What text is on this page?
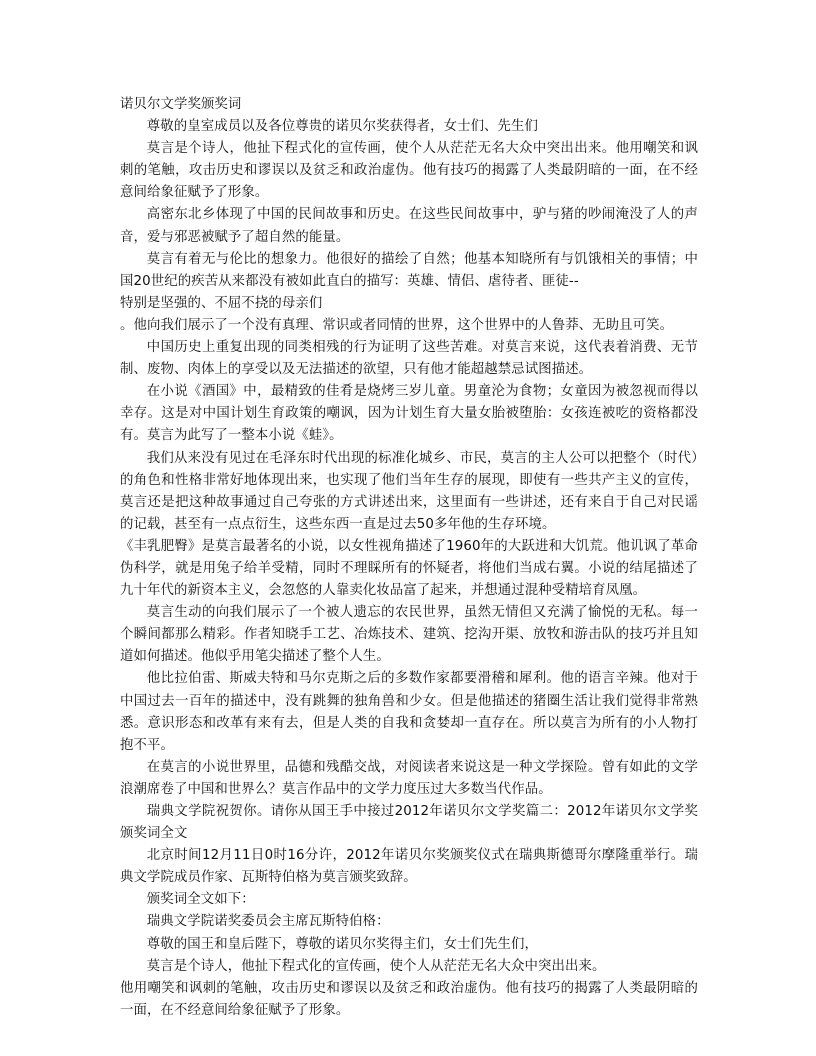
诺贝尔文学奖颁奖词
尊敬的皇室成员以及各位尊贵的诺贝尔奖获得者，女士们、先生们
莫言是个诗人，他扯下程式化的宣传画，使个人从茫茫无名大众中突出出来。他用嘲笑和讽刺的笔触，攻击历史和谬误以及贫乏和政治虚伪。他有技巧的揭露了人类最阴暗的一面，在不经意间给象征赋予了形象。
高密东北乡体现了中国的民间故事和历史。在这些民间故事中，驴与猪的吵闹淹没了人的声音，爱与邪恶被赋予了超自然的能量。
莫言有着无与伦比的想象力。他很好的描绘了自然；他基本知晓所有与饥饿相关的事情；中国20世纪的疾苦从来都没有被如此直白的描写：英雄、情侣、虐待者、匪徒--
特别是坚强的、不屈不挠的母亲们
。他向我们展示了一个没有真理、常识或者同情的世界，这个世界中的人鲁莽、无助且可笑。
中国历史上重复出现的同类相残的行为证明了这些苦难。对莫言来说，这代表着消费、无节制、废物、肉体上的享受以及无法描述的欲望，只有他才能超越禁忌试图描述。
在小说《酒国》中，最精致的佳肴是烧烤三岁儿童。男童沦为食物；女童因为被忽视而得以幸存。这是对中国计划生育政策的嘲讽，因为计划生育大量女胎被堕胎：女孩连被吃的资格都没有。莫言为此写了一整本小说《蛙》。
我们从来没有见过在毛泽东时代出现的标准化城乡、市民，莫言的主人公可以把整个（时代）的角色和性格非常好地体现出来，也实现了他们当年生存的展现，即使有一些共产主义的宣传，莫言还是把这种故事通过自己夸张的方式讲述出来，这里面有一些讲述，还有来自于自己对民谣的记载，甚至有一点点衍生，这些东西一直是过去50多年他的生存环境。
《丰乳肥臀》是莫言最著名的小说，以女性视角描述了1960年的大跃进和大饥荒。他讥讽了革命伪科学，就是用兔子给羊受精，同时不理睬所有的怀疑者，将他们当成右翼。小说的结尾描述了九十年代的新资本主义，会忽悠的人靠卖化妆品富了起来，并想通过混种受精培育凤凰。
莫言生动的向我们展示了一个被人遗忘的农民世界，虽然无情但又充满了愉悦的无私。每一个瞬间都那么精彩。作者知晓手工艺、冶炼技术、建筑、挖沟开渠、放牧和游击队的技巧并且知道如何描述。他似乎用笔尖描述了整个人生。
他比拉伯雷、斯威夫特和马尔克斯之后的多数作家都要滑稽和犀利。他的语言辛辣。他对于中国过去一百年的描述中，没有跳舞的独角兽和少女。但是他描述的猪圈生活让我们觉得非常熟悉。意识形态和改革有来有去，但是人类的自我和贪婪却一直存在。所以莫言为所有的小人物打抱不平。
在莫言的小说世界里，品德和残酷交战，对阅读者来说这是一种文学探险。曾有如此的文学浪潮席卷了中国和世界么？莫言作品中的文学力度压过大多数当代作品。
瑞典文学院祝贺你。请你从国王手中接过2012年诺贝尔文学奖篇二：2012年诺贝尔文学奖颁奖词全文
北京时间12月11日0时16分许，2012年诺贝尔奖颁奖仪式在瑞典斯德哥尔摩隆重举行。瑞典文学院成员作家、瓦斯特伯格为莫言颁奖致辞。
颁奖词全文如下：
瑞典文学院诺奖委员会主席瓦斯特伯格：
尊敬的国王和皇后陛下，尊敬的诺贝尔奖得主们，女士们先生们，
莫言是个诗人，他扯下程式化的宣传画，使个人从茫茫无名大众中突出出来。
他用嘲笑和讽刺的笔触，攻击历史和谬误以及贫乏和政治虚伪。他有技巧的揭露了人类最阴暗的一面，在不经意间给象征赋予了形象。
